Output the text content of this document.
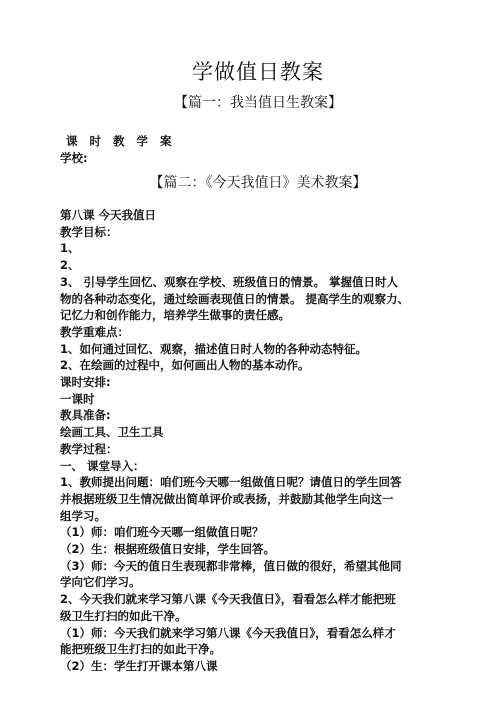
学做值日教案
【篇一：我当值日生教案】

课 时 教 学 案

学校:

【篇二：《今天我值日》美术教案】

第八课 今天我值日

教学目标：

1、

2、

3、 引导学生回忆、观察在学校、班级值日的情景。 掌握值日时人

物的各种动态变化，通过绘画表现值日的情景。 提高学生的观察力、

记忆力和创作能力，培养学生做事的责任感。

教学重难点：

1、如何通过回忆、观察，描述值日时人物的各种动态特征。

2、在绘画的过程中，如何画出人物的基本动作。

课时安排:

一课时

教具准备:

绘画工具、卫生工具

教学过程：

一、 课堂导入：

1、教师提出问题：咱们班今天哪一组做值日呢？请值日的学生回答

并根据班级卫生情况做出简单评价或表扬，并鼓励其他学生向这一

组学习。

（1）师：咱们班今天哪一组做值日呢？

（2）生：根据班级值日安排，学生回答。

（3）师：今天的值日生表现都非常棒，值日做的很好，希望其他同

学向它们学习。

2、今天我们就来学习第八课《今天我值日》，看看怎么样才能把班

级卫生打扫的如此干净。

（1）师：今天我们就来学习第八课《今天我值日》，看看怎么样才

能把班级卫生打扫的如此干净。

（2）生：学生打开课本第八课
